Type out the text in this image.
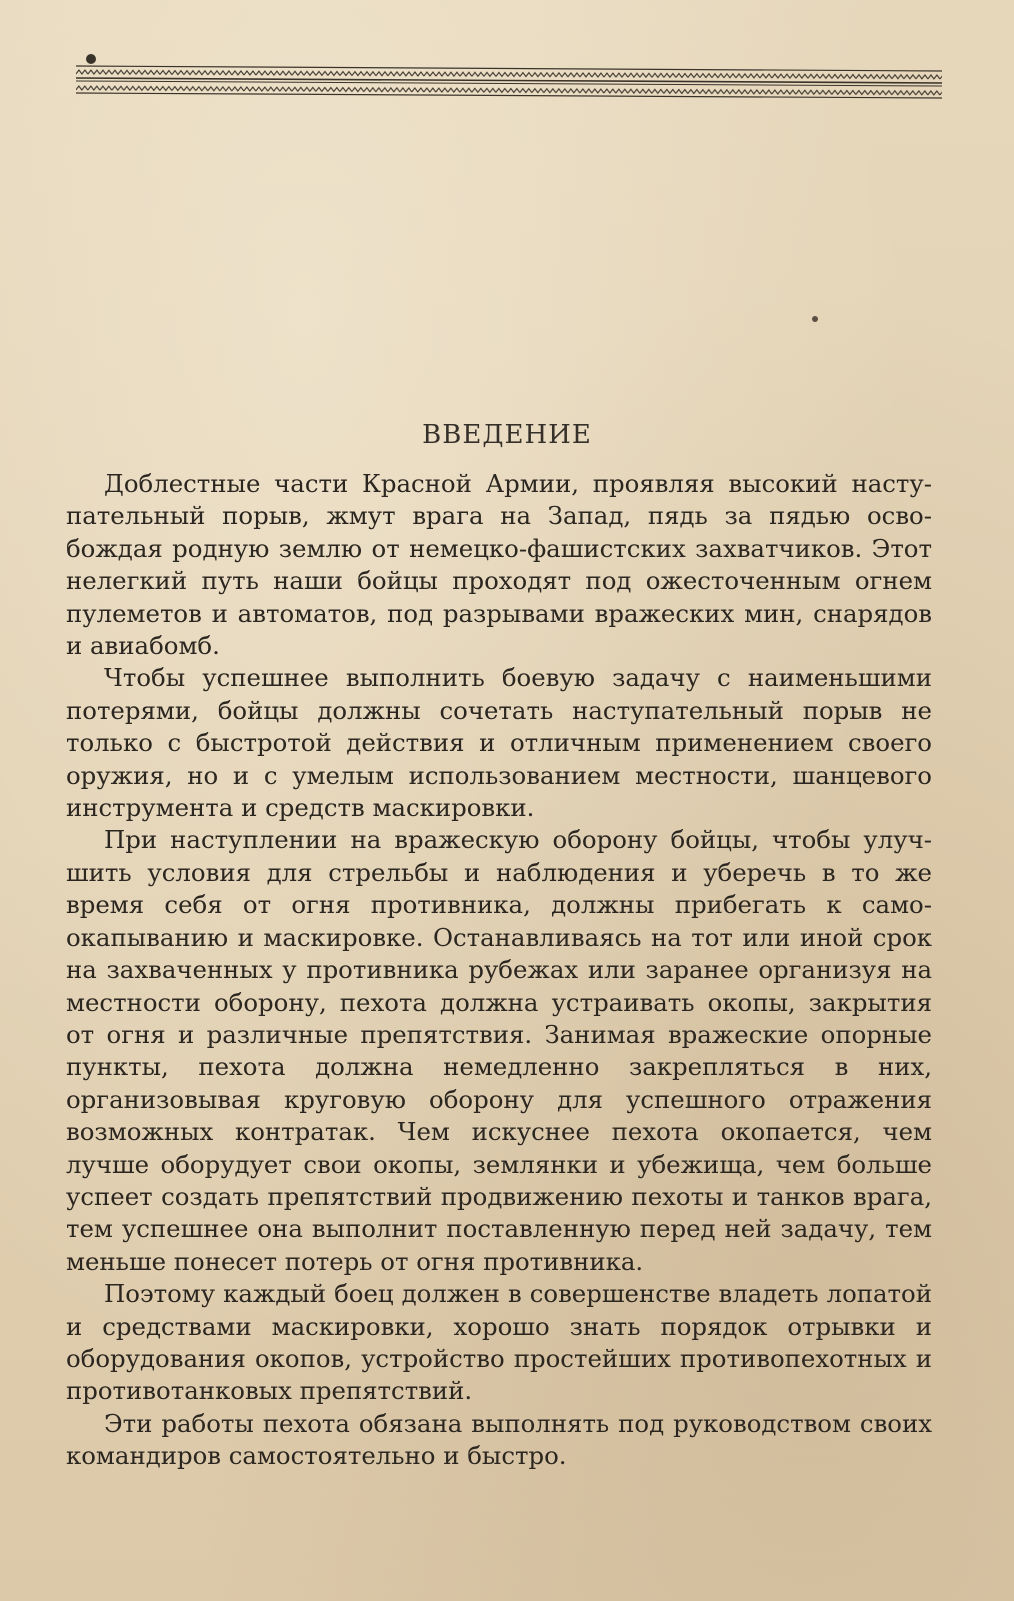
ВВЕДЕНИЕ

Доблестные части Красной Армии, проявляя высокий наступательный порыв, жмут врага на Запад, пядь за пядью освобождая родную землю от немецко-фашистских захватчиков. Этот нелегкий путь наши бойцы проходят под ожесточенным огнем пулеметов и автоматов, под разрывами вражеских мин, снарядов и авиабомб.

Чтобы успешнее выполнить боевую задачу с наименьшими потерями, бойцы должны сочетать наступательный порыв не только с быстротой действия и отличным применением своего оружия, но и с умелым использованием местности, шанцевого инструмента и средств маскировки.

При наступлении на вражескую оборону бойцы, чтобы улучшить условия для стрельбы и наблюдения и уберечь в то же время себя от огня противника, должны прибегать к самоокапыванию и маскировке. Останавливаясь на тот или иной срок на захваченных у противника рубежах или заранее организуя на местности оборону, пехота должна устраивать окопы, закрытия от огня и различные препятствия. Занимая вражеские опорные пункты, пехота должна немедленно закрепляться в них, организовывая круговую оборону для успешного отражения возможных контратак. Чем искуснее пехота окопается, чем лучше оборудует свои окопы, землянки и убежища, чем больше успеет создать препятствий продвижению пехоты и танков врага, тем успешнее она выполнит поставленную перед ней задачу, тем меньше понесет потерь от огня противника.

Поэтому каждый боец должен в совершенстве владеть лопатой и средствами маскировки, хорошо знать порядок отрывки и оборудования окопов, устройство простейших противопехотных и противотанковых препятствий.

Эти работы пехота обязана выполнять под руководством своих командиров самостоятельно и быстро.
